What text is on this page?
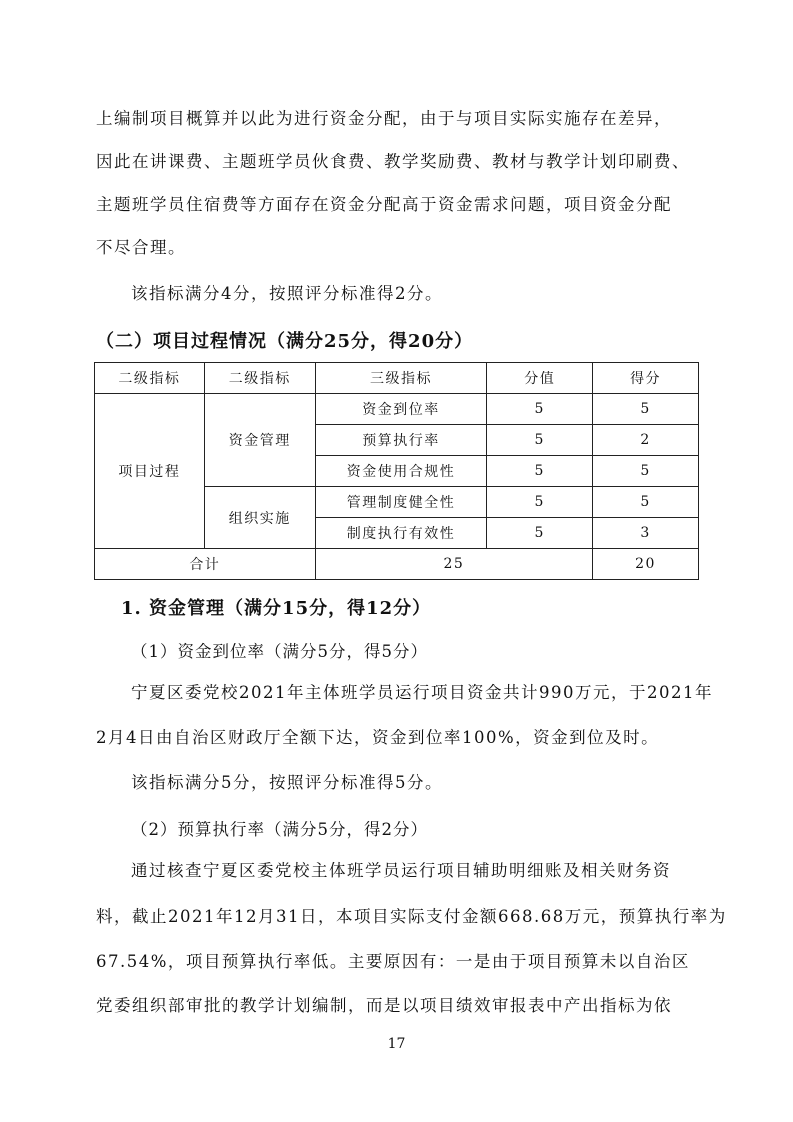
上编制项目概算并以此为进行资金分配，由于与项目实际实施存在差异，
因此在讲课费、主题班学员伙食费、教学奖励费、教材与教学计划印刷费、
主题班学员住宿费等方面存在资金分配高于资金需求问题，项目资金分配
不尽合理。
该指标满分4分，按照评分标准得2分。
（二）项目过程情况（满分25分，得20分）
二级指标	二级指标	三级指标	分值	得分
项目过程	资金管理	资金到位率	5	5
		预算执行率	5	2
		资金使用合规性	5	5
	组织实施	管理制度健全性	5	5
		制度执行有效性	5	3
合计		25		20
1. 资金管理（满分15分，得12分）
（1）资金到位率（满分5分，得5分）
宁夏区委党校2021年主体班学员运行项目资金共计990万元，于2021年
2月4日由自治区财政厅全额下达，资金到位率100%，资金到位及时。
该指标满分5分，按照评分标准得5分。
（2）预算执行率（满分5分，得2分）
通过核查宁夏区委党校主体班学员运行项目辅助明细账及相关财务资
料，截止2021年12月31日，本项目实际支付金额668.68万元，预算执行率为
67.54%，项目预算执行率低。主要原因有：一是由于项目预算未以自治区
党委组织部审批的教学计划编制，而是以项目绩效审报表中产出指标为依
17
